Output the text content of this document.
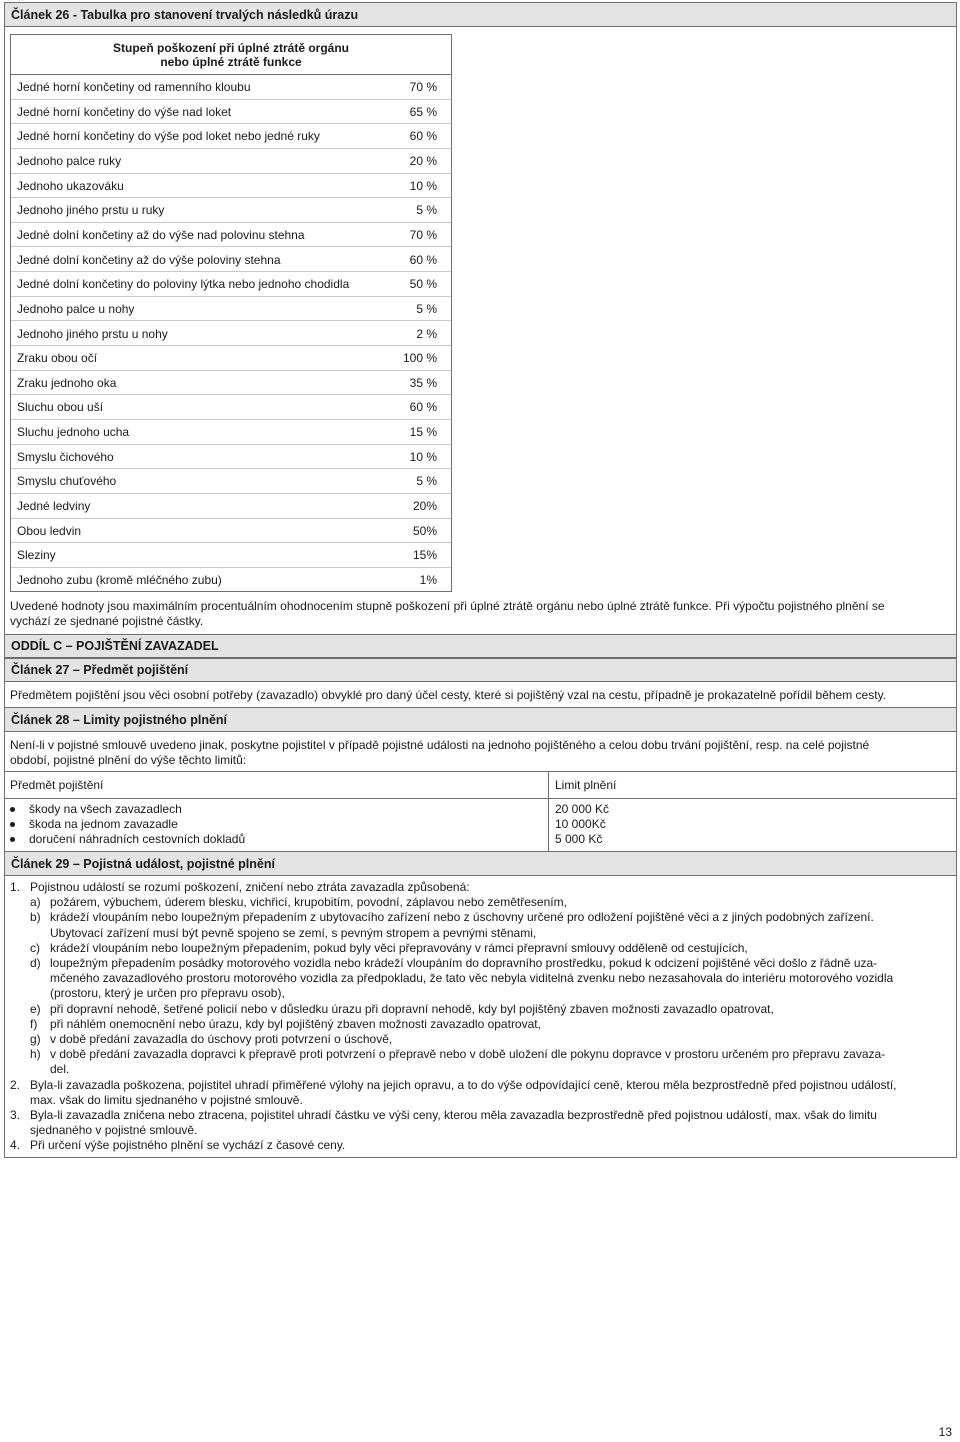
Článek 26 - Tabulka pro stanovení trvalých následků úrazu
Stupeň poškození při úplné ztrátě orgánu
nebo úplné ztrátě funkce
Jedné horní končetiny od ramenního kloubu	70 %
Jedné horní končetiny do výše nad loket	65 %
Jedné horní končetiny do výše pod loket nebo jedné ruky	60 %
Jednoho palce ruky	20 %
Jednoho ukazováku	10 %
Jednoho jiného prstu u ruky	5 %
Jedné dolní končetiny až do výše nad polovinu stehna	70 %
Jedné dolní končetiny až do výše poloviny stehna	60 %
Jedné dolní končetiny do poloviny lýtka nebo jednoho chodidla	50 %
Jednoho palce u nohy	5 %
Jednoho jiného prstu u nohy	2 %
Zraku obou očí	100 %
Zraku jednoho oka	35 %
Sluchu obou uší	60 %
Sluchu jednoho ucha	15 %
Smyslu čichového	10 %
Smyslu chuťového	5 %
Jedné ledviny	20%
Obou ledvin	50%
Sleziny	15%
Jednoho zubu (kromě mléčného zubu)	1%
Uvedené hodnoty jsou maximálním procentuálním ohodnocením stupně poškození při úplné ztrátě orgánu nebo úplné ztrátě funkce. Při výpočtu pojistného plnění se
vychází ze sjednané pojistné částky.
ODDÍL C – POJIŠTĚNÍ ZAVAZADEL
Článek 27 – Předmět pojištění
Předmětem pojištění jsou věci osobní potřeby (zavazadlo) obvyklé pro daný účel cesty, které si pojištěný vzal na cestu, případně je prokazatelně pořídil během cesty.
Článek 28 – Limity pojistného plnění
Není-li v pojistné smlouvě uvedeno jinak, poskytne pojistitel v případě pojistné události na jednoho pojištěného a celou dobu trvání pojištění, resp. na celé pojistné
období, pojistné plnění do výše těchto limitů:
Předmět pojištění	Limit plnění
škody na všech zavazadlech	20 000 Kč
škoda na jednom zavazadle	10 000Kč
doručení náhradních cestovních dokladů	5 000 Kč
Článek 29 – Pojistná událost, pojistné plnění
1. Pojistnou událostí se rozumí poškození, zničení nebo ztráta zavazadla způsobená:
a) požárem, výbuchem, úderem blesku, vichřicí, krupobitím, povodní, záplavou nebo zemětřesením,
b) krádeží vloupáním nebo loupežným přepadením z ubytovacího zařízení nebo z úschovny určené pro odložení pojištěné věci a z jiných podobných zařízení.
Ubytovací zařízení musí být pevně spojeno se zemí, s pevným stropem a pevnými stěnami,
c) krádeží vloupáním nebo loupežným přepadením, pokud byly věci přepravovány v rámci přepravní smlouvy odděleně od cestujících,
d) loupežným přepadením posádky motorového vozidla nebo krádeží vloupáním do dopravního prostředku, pokud k odcizení pojištěné věci došlo z řádně uza-
mčeného zavazadlového prostoru motorového vozidla za předpokladu, že tato věc nebyla viditelná zvenku nebo nezasahovala do interiéru motorového vozidla
(prostoru, který je určen pro přepravu osob),
e) při dopravní nehodě, šetřené policií nebo v důsledku úrazu při dopravní nehodě, kdy byl pojištěný zbaven možnosti zavazadlo opatrovat,
f) při náhlém onemocnění nebo úrazu, kdy byl pojištěný zbaven možnosti zavazadlo opatrovat,
g) v době předání zavazadla do úschovy proti potvrzení o úschově,
h) v době předání zavazadla dopravci k přepravě proti potvrzení o přepravě nebo v době uložení dle pokynu dopravce v prostoru určeném pro přepravu zavaza-
del.
2. Byla-li zavazadla poškozena, pojistitel uhradí přiměřené výlohy na jejich opravu, a to do výše odpovídající ceně, kterou měla bezprostředně před pojistnou událostí,
max. však do limitu sjednaného v pojistné smlouvě.
3. Byla-li zavazadla zničena nebo ztracena, pojistitel uhradí částku ve výši ceny, kterou měla zavazadla bezprostředně před pojistnou událostí, max. však do limitu
sjednaného v pojistné smlouvě.
4. Při určení výše pojistného plnění se vychází z časové ceny.
13
